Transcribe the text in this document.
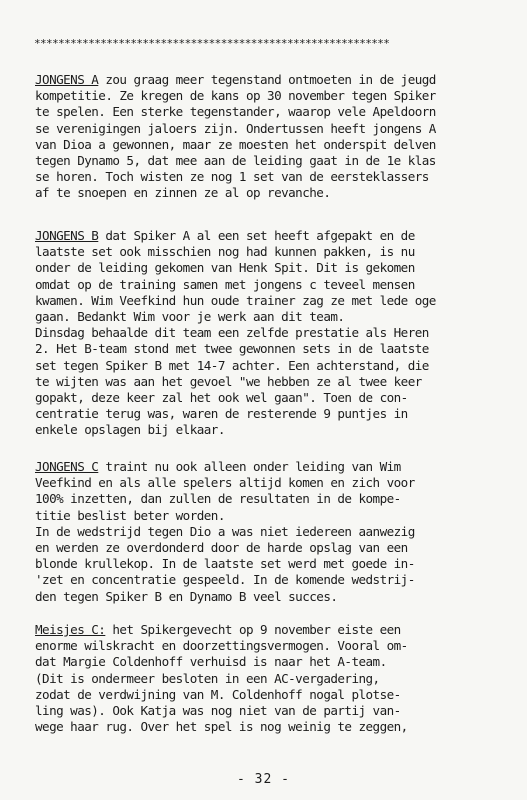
***********************************************************
JONGENS A zou graag meer tegenstand ontmoeten in de jeugd
kompetitie. Ze kregen de kans op 30 november tegen Spiker
te spelen. Een sterke tegenstander, waarop vele Apeldoorn
se verenigingen jaloers zijn. Ondertussen heeft jongens A
van Dioa a gewonnen, maar ze moesten het onderspit delven
tegen Dynamo 5, dat mee aan de leiding gaat in de 1e klas
se horen. Toch wisten ze nog 1 set van de eersteklassers
af te snoepen en zinnen ze al op revanche.
JONGENS B dat Spiker A al een set heeft afgepakt en de
laatste set ook misschien nog had kunnen pakken, is nu
onder de leiding gekomen van Henk Spit. Dit is gekomen
omdat op de training samen met jongens c teveel mensen
kwamen. Wim Veefkind hun oude trainer zag ze met lede oge
gaan. Bedankt Wim voor je werk aan dit team.
Dinsdag behaalde dit team een zelfde prestatie als Heren
2. Het B-team stond met twee gewonnen sets in de laatste
set tegen Spiker B met 14-7 achter. Een achterstand, die
te wijten was aan het gevoel "we hebben ze al twee keer
gopakt, deze keer zal het ook wel gaan". Toen de con-
centratie terug was, waren de resterende 9 puntjes in
enkele opslagen bij elkaar.
JONGENS C traint nu ook alleen onder leiding van Wim
Veefkind en als alle spelers altijd komen en zich voor
100% inzetten, dan zullen de resultaten in de kompe-
titie beslist beter worden.
In de wedstrijd tegen Dio a was niet iedereen aanwezig
en werden ze overdonderd door de harde opslag van een
blonde krullekop. In de laatste set werd met goede in-
'zet en concentratie gespeeld. In de komende wedstrij-
den tegen Spiker B en Dynamo B veel succes.
Meisjes C: het Spikergevecht op 9 november eiste een
enorme wilskracht en doorzettingsvermogen. Vooral om-
dat Margie Coldenhoff verhuisd is naar het A-team.
(Dit is ondermeer besloten in een AC-vergadering,
zodat de verdwijning van M. Coldenhoff nogal plotse-
ling was). Ook Katja was nog niet van de partij van-
wege haar rug. Over het spel is nog weinig te zeggen,
- 32 -
